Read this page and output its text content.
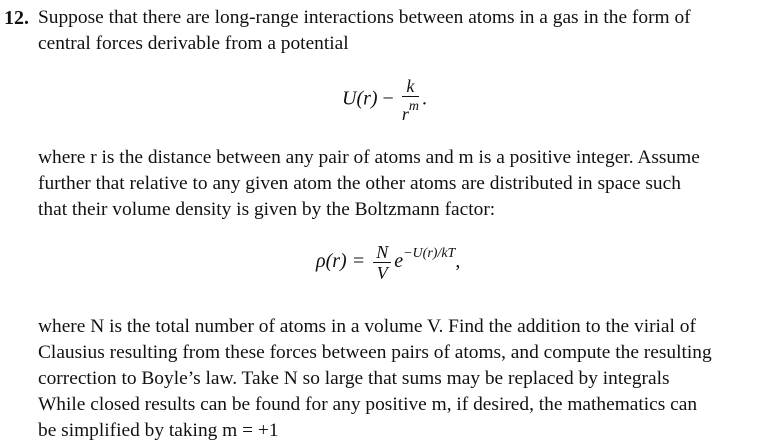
12. Suppose that there are long-range interactions between atoms in a gas in the form of
central forces derivable from a potential
$U(r) - \frac{k}{r^m}$ .
where r is the distance between any pair of atoms and m is a positive integer. Assume
further that relative to any given atom the other atoms are distributed in space such
that their volume density is given by the Boltzmann factor:
$\rho(r) = \frac{N}{V} e^{-U(r)/kT}$,
where N is the total number of atoms in a volume V. Find the addition to the virial of
Clausius resulting from these forces between pairs of atoms, and compute the resulting
correction to Boyle’s law. Take N so large that sums may be replaced by integrals
While closed results can be found for any positive m, if desired, the mathematics can
be simplified by taking m = +1
